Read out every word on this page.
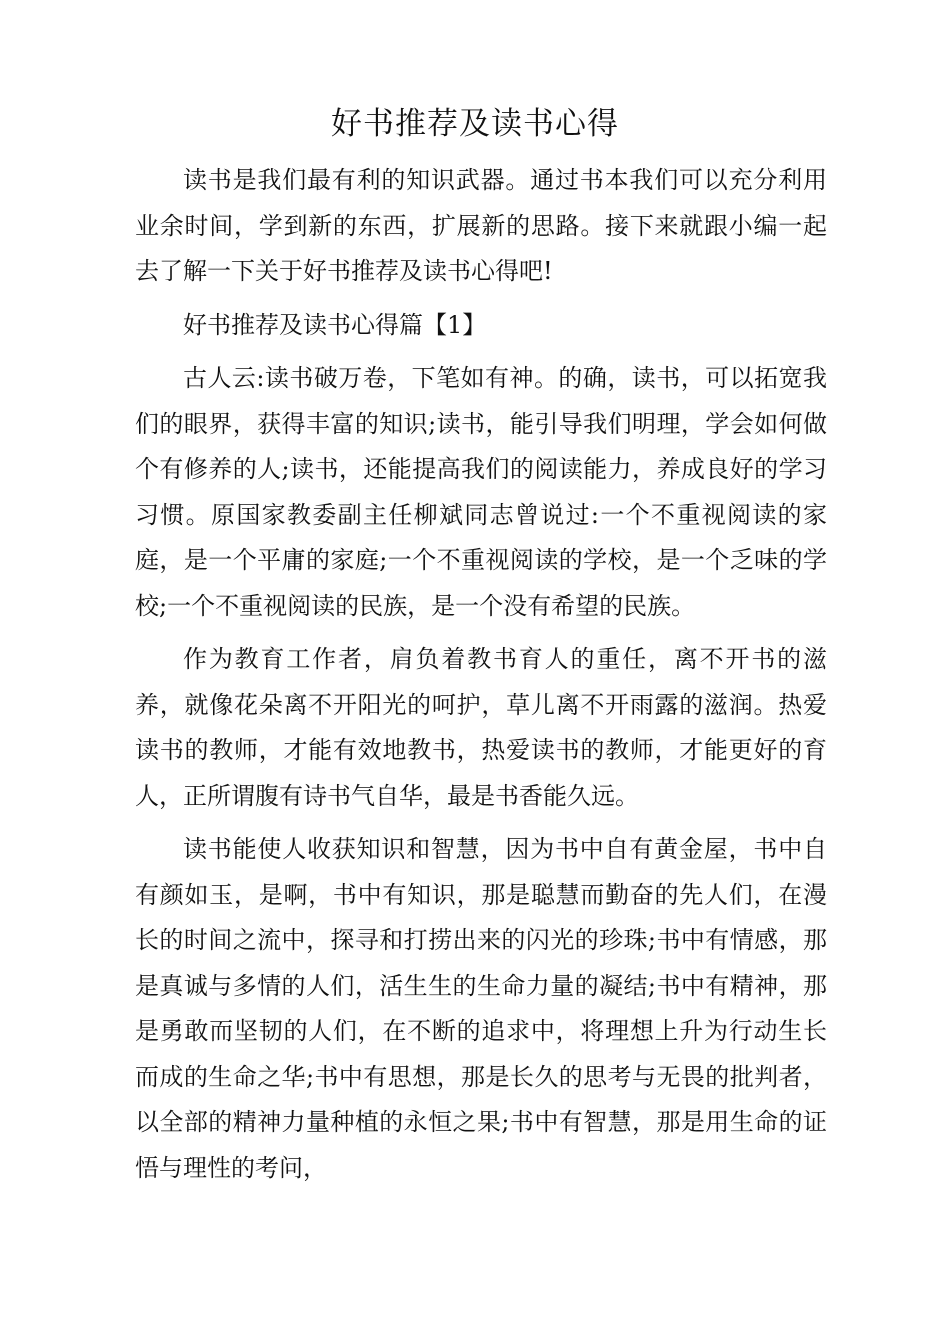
好书推荐及读书心得

读书是我们最有利的知识武器。通过书本我们可以充分利用业余时间，学到新的东西，扩展新的思路。接下来就跟小编一起去了解一下关于好书推荐及读书心得吧!

好书推荐及读书心得篇【1】

古人云:读书破万卷，下笔如有神。的确，读书，可以拓宽我们的眼界，获得丰富的知识;读书，能引导我们明理，学会如何做个有修养的人;读书，还能提高我们的阅读能力，养成良好的学习习惯。原国家教委副主任柳斌同志曾说过:一个不重视阅读的家庭，是一个平庸的家庭;一个不重视阅读的学校，是一个乏味的学校;一个不重视阅读的民族，是一个没有希望的民族。

作为教育工作者，肩负着教书育人的重任，离不开书的滋养，就像花朵离不开阳光的呵护，草儿离不开雨露的滋润。热爱读书的教师，才能有效地教书，热爱读书的教师，才能更好的育人，正所谓腹有诗书气自华，最是书香能久远。

读书能使人收获知识和智慧，因为书中自有黄金屋，书中自有颜如玉，是啊，书中有知识，那是聪慧而勤奋的先人们，在漫长的时间之流中，探寻和打捞出来的闪光的珍珠;书中有情感，那是真诚与多情的人们，活生生的生命力量的凝结;书中有精神，那是勇敢而坚韧的人们，在不断的追求中，将理想上升为行动生长而成的生命之华;书中有思想，那是长久的思考与无畏的批判者，以全部的精神力量种植的永恒之果;书中有智慧，那是用生命的证悟与理性的考问，
